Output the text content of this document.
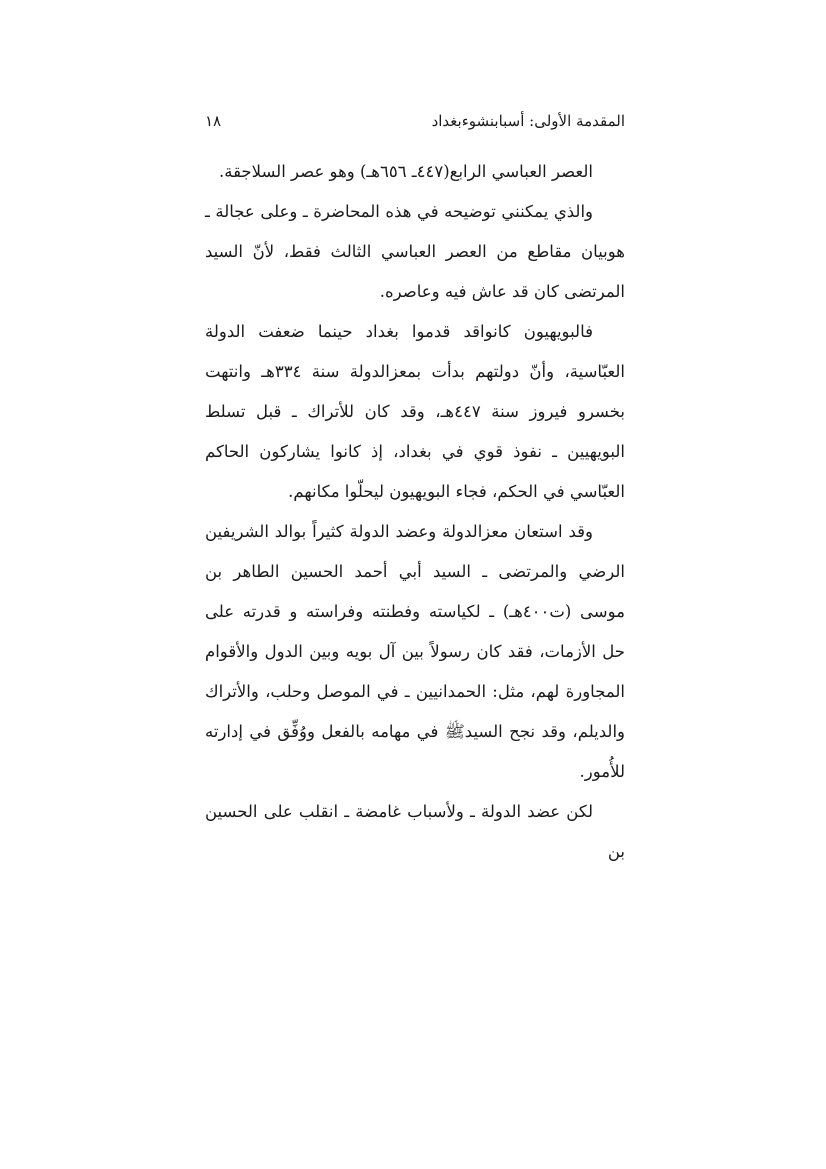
المقدمة الأولى: أسبابنشوءبغداد
١٨

العصر العباسي الرابع(٤٤٧ـ ٦٥٦هـ) وهو عصر السلاجقة.

والذي يمكنني توضيحه في هذه المحاضرة ـ وعلى عجالة ـ هوبيان مقاطع من العصر العباسي الثالث فقط، لأنّ السيد المرتضى كان قد عاش فيه وعاصره.

فالبويهيون كانواقد قدموا بغداد حينما ضعفت الدولة العبّاسية، وأنّ دولتهم بدأت بمعزالدولة سنة ٣٣٤هـ وانتهت بخسرو فيروز سنة ٤٤٧هـ، وقد كان للأتراك ـ قبل تسلط البويهيين ـ نفوذ قوي في بغداد، إذ كانوا يشاركون الحاكم العبّاسي في الحكم، فجاء البويهيون ليحلّوا مكانهم.

وقد استعان معزالدولة وعضد الدولة كثيراً بوالد الشريفين الرضي والمرتضى ـ السيد أبي أحمد الحسين الطاهر بن موسى (ت٤٠٠هـ) ـ لكياسته وفطنته وفراسته و قدرته على حل الأزمات، فقد كان رسولاً بين آل بويه وبين الدول والأقوام المجاورة لهم، مثل: الحمدانيين ـ في الموصل وحلب، والأتراك والديلم، وقد نجح السيدﷺ في مهامه بالفعل ووُفِّق في إدارته للأُمور.

لكن عضد الدولة ـ ولأسباب غامضة ـ انقلب على الحسين بن
